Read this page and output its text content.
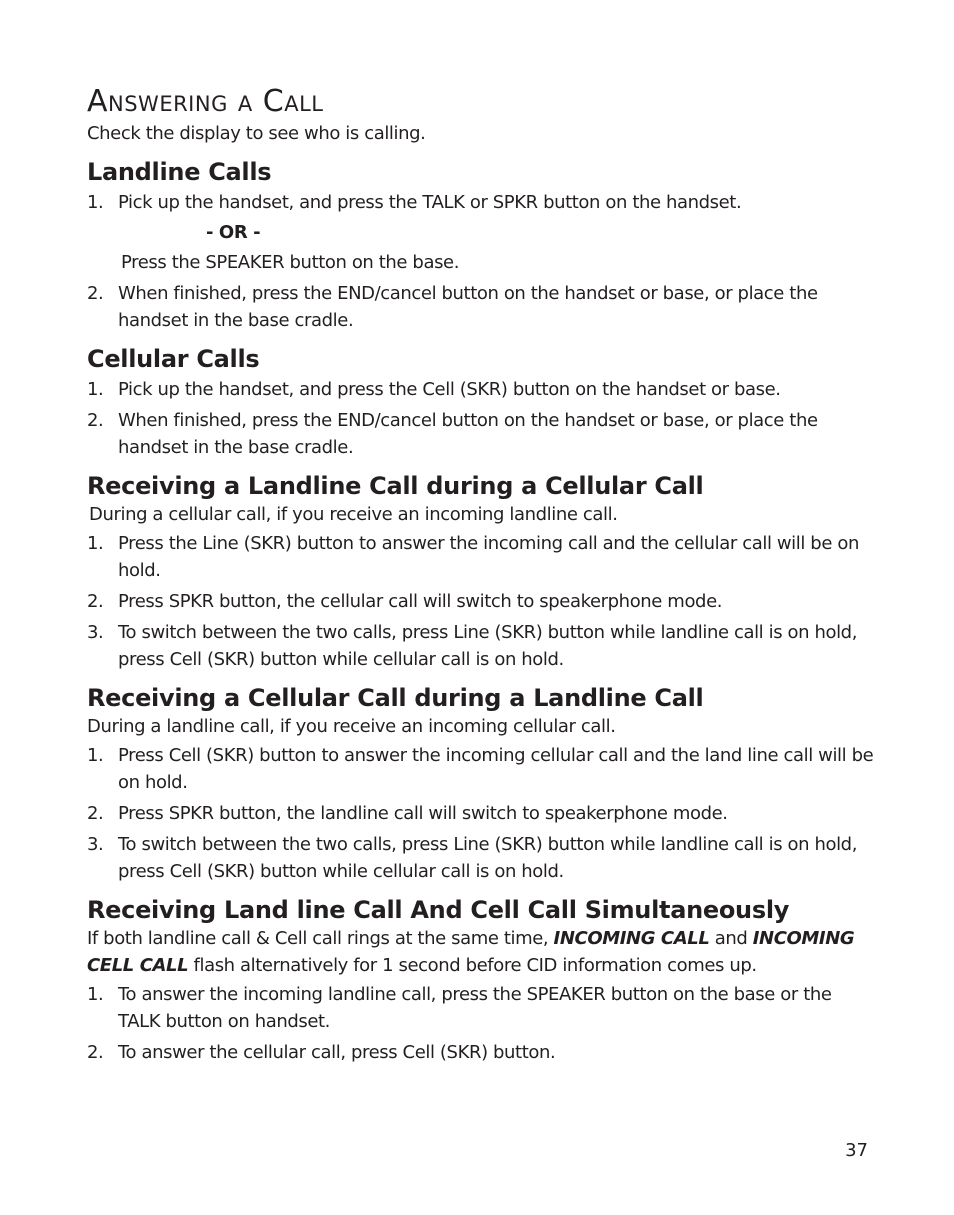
Answering a Call

Check the display to see who is calling.

Landline Calls
1. Pick up the handset, and press the TALK or SPKR button on the handset.
- OR -
Press the SPEAKER button on the base.
2. When finished, press the END/cancel button on the handset or base, or place the handset in the base cradle.
Cellular Calls
1. Pick up the handset, and press the Cell (SKR) button on the handset or base.
2. When finished, press the END/cancel button on the handset or base, or place the handset in the base cradle.
Receiving a Landline Call during a Cellular Call

During a cellular call, if you receive an incoming landline call.

1. Press the Line (SKR) button to answer the incoming call and the cellular call will be on hold.
2. Press SPKR button, the cellular call will switch to speakerphone mode.
3. To switch between the two calls, press Line (SKR) button while landline call is on hold, press Cell (SKR) button while cellular call is on hold.
Receiving a Cellular Call during a Landline Call

During a landline call, if you receive an incoming cellular call.

1. Press Cell (SKR) button to answer the incoming cellular call and the land line call will be on hold.
2. Press SPKR button, the landline call will switch to speakerphone mode.
3. To switch between the two calls, press Line (SKR) button while landline call is on hold, press Cell (SKR) button while cellular call is on hold.
Receiving Land line Call And Cell Call Simultaneously

If both landline call & Cell call rings at the same time, INCOMING CALL and INCOMING CELL CALL flash alternatively for 1 second before CID information comes up.

1. To answer the incoming landline call, press the SPEAKER button on the base or the TALK button on handset.
2. To answer the cellular call, press Cell (SKR) button.
37
